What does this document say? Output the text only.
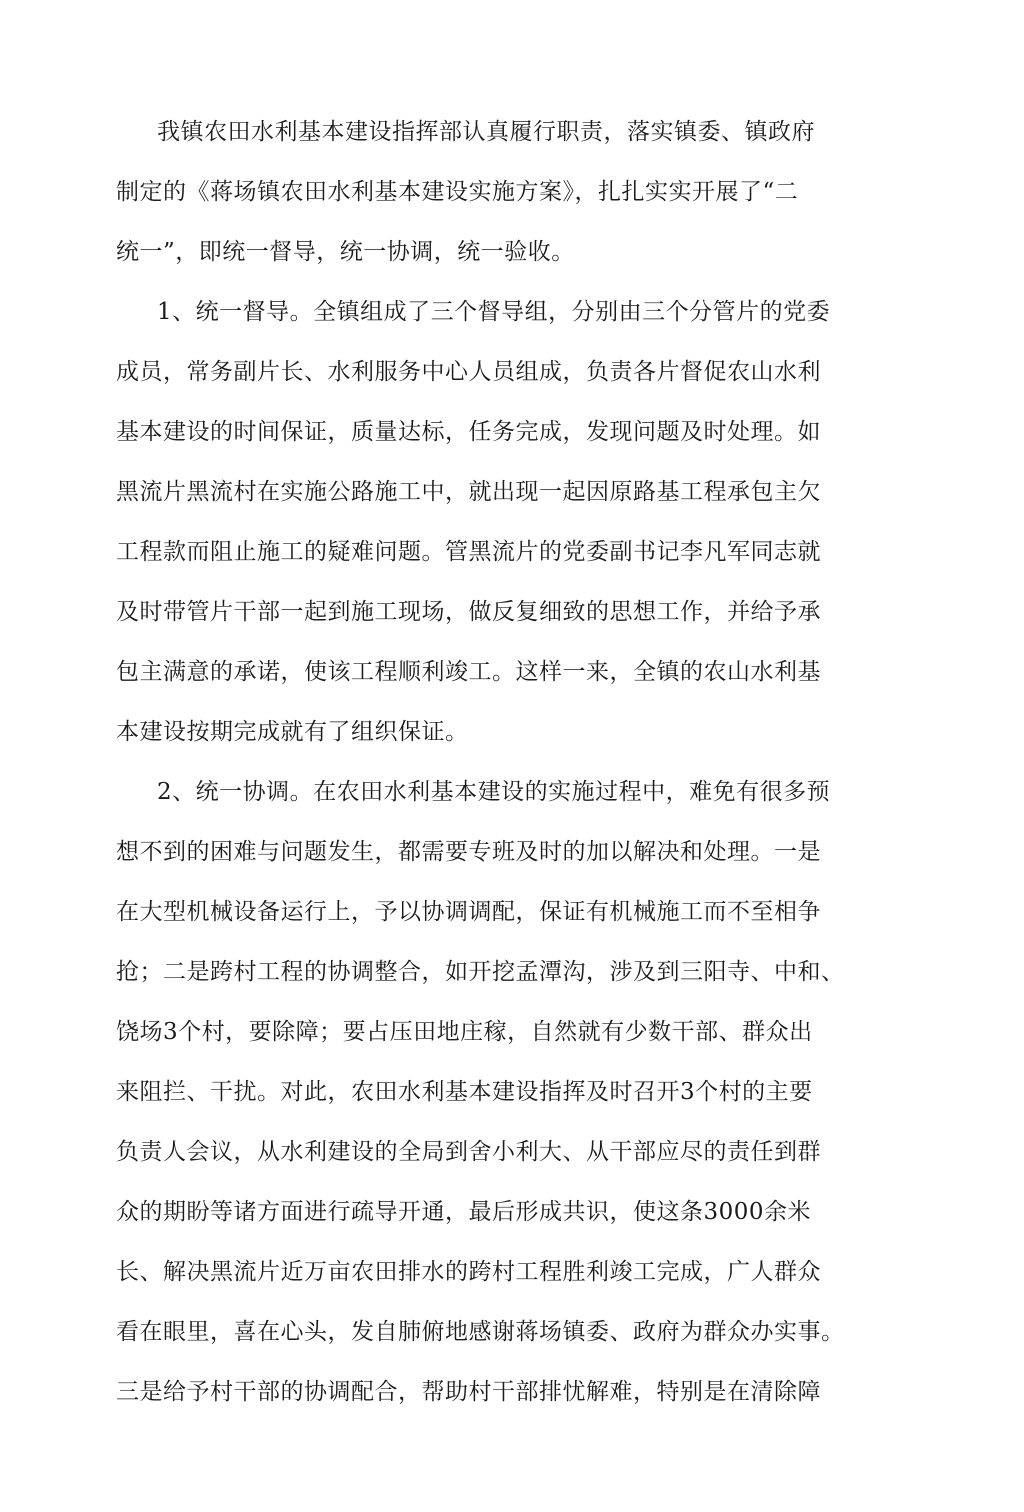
我镇农田水利基本建设指挥部认真履行职责，落实镇委、镇政府
制定的《蒋场镇农田水利基本建设实施方案》，扎扎实实开展了“二
统一”，即统一督导，统一协调，统一验收。
1、统一督导。全镇组成了三个督导组，分别由三个分管片的党委
成员，常务副片长、水利服务中心人员组成，负责各片督促农山水利
基本建设的时间保证，质量达标，任务完成，发现问题及时处理。如
黑流片黑流村在实施公路施工中，就出现一起因原路基工程承包主欠
工程款而阻止施工的疑难问题。管黑流片的党委副书记李凡军同志就
及时带管片干部一起到施工现场，做反复细致的思想工作，并给予承
包主满意的承诺，使该工程顺利竣工。这样一来，全镇的农山水利基
本建设按期完成就有了组织保证。
2、统一协调。在农田水利基本建设的实施过程中，难免有很多预
想不到的困难与问题发生，都需要专班及时的加以解决和处理。一是
在大型机械设备运行上，予以协调调配，保证有机械施工而不至相争
抢；二是跨村工程的协调整合，如开挖孟潭沟，涉及到三阳寺、中和、
饶场3个村，要除障；要占压田地庄稼，自然就有少数干部、群众出
来阻拦、干扰。对此，农田水利基本建设指挥及时召开3个村的主要
负责人会议，从水利建设的全局到舍小利大、从干部应尽的责任到群
众的期盼等诸方面进行疏导开通，最后形成共识，使这条3000余米
长、解决黑流片近万亩农田排水的跨村工程胜利竣工完成，广人群众
看在眼里，喜在心头，发自肺俯地感谢蒋场镇委、政府为群众办实事。
三是给予村干部的协调配合，帮助村干部排忧解难，特别是在清除障
